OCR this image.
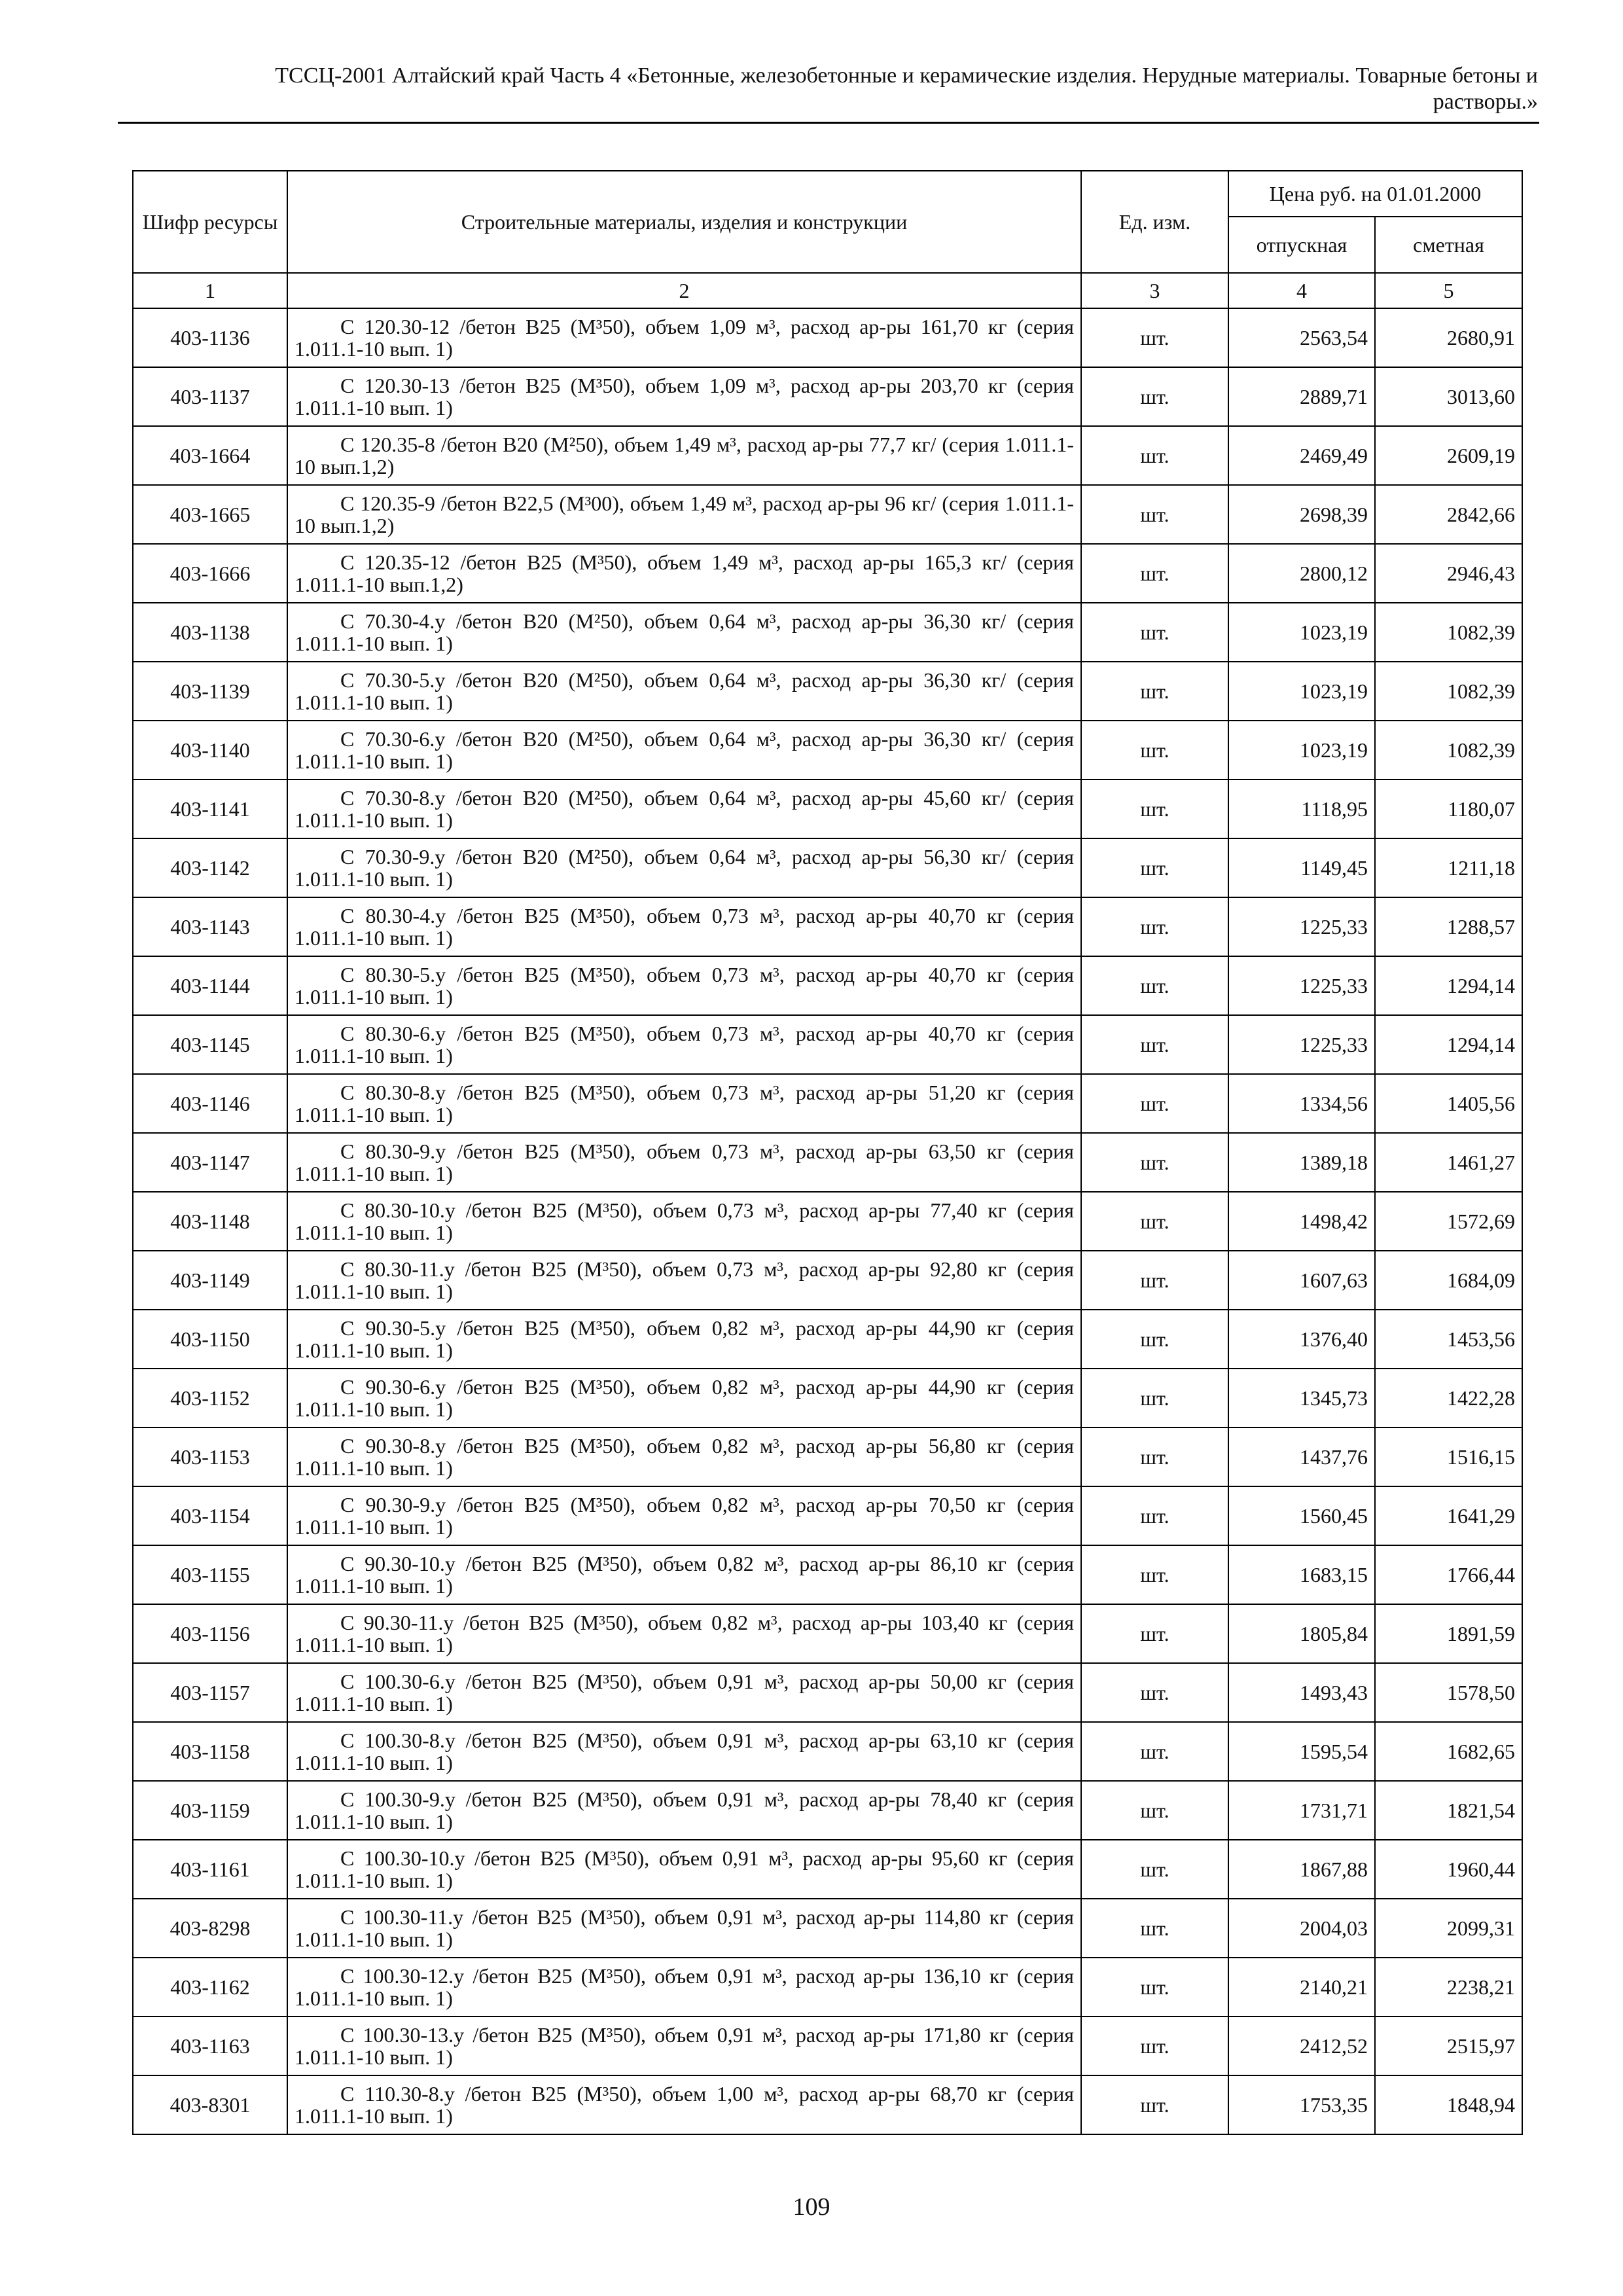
ТССЦ-2001 Алтайский край Часть 4 «Бетонные, железобетонные и керамические изделия. Нерудные материалы. Товарные бетоны и
растворы.»
Шифр ресурсы	Строительные материалы, изделия и конструкции	Ед. изм.	Цена руб. на 01.01.2000	
			отпускная	сметная
1	2	3	4	5
403-1136	С 120.30-12 /бетон В25 (М³50), объем 1,09 м³, расход ар-ры 161,70 кг (серия 1.011.1-10 вып. 1)	шт.	2563,54	2680,91
403-1137	С 120.30-13 /бетон В25 (М³50), объем 1,09 м³, расход ар-ры 203,70 кг (серия 1.011.1-10 вып. 1)	шт.	2889,71	3013,60
403-1664	С 120.35-8 /бетон В20 (М²50), объем 1,49 м³, расход ар-ры 77,7 кг/ (серия 1.011.1-10 вып.1,2)	шт.	2469,49	2609,19
403-1665	С 120.35-9 /бетон В22,5 (М³00), объем 1,49 м³, расход ар-ры 96 кг/ (серия 1.011.1-10 вып.1,2)	шт.	2698,39	2842,66
403-1666	С 120.35-12 /бетон В25 (М³50), объем 1,49 м³, расход ар-ры 165,3 кг/ (серия 1.011.1-10 вып.1,2)	шт.	2800,12	2946,43
403-1138	С 70.30-4.у /бетон В20 (М²50), объем 0,64 м³, расход ар-ры 36,30 кг/ (серия 1.011.1-10 вып. 1)	шт.	1023,19	1082,39
403-1139	С 70.30-5.у /бетон В20 (М²50), объем 0,64 м³, расход ар-ры 36,30 кг/ (серия 1.011.1-10 вып. 1)	шт.	1023,19	1082,39
403-1140	С 70.30-6.у /бетон В20 (М²50), объем 0,64 м³, расход ар-ры 36,30 кг/ (серия 1.011.1-10 вып. 1)	шт.	1023,19	1082,39
403-1141	С 70.30-8.у /бетон В20 (М²50), объем 0,64 м³, расход ар-ры 45,60 кг/ (серия 1.011.1-10 вып. 1)	шт.	1118,95	1180,07
403-1142	С 70.30-9.у /бетон В20 (М²50), объем 0,64 м³, расход ар-ры 56,30 кг/ (серия 1.011.1-10 вып. 1)	шт.	1149,45	1211,18
403-1143	С 80.30-4.у /бетон В25 (М³50), объем 0,73 м³, расход ар-ры 40,70 кг (серия 1.011.1-10 вып. 1)	шт.	1225,33	1288,57
403-1144	С 80.30-5.у /бетон В25 (М³50), объем 0,73 м³, расход ар-ры 40,70 кг (серия 1.011.1-10 вып. 1)	шт.	1225,33	1294,14
403-1145	С 80.30-6.у /бетон В25 (М³50), объем 0,73 м³, расход ар-ры 40,70 кг (серия 1.011.1-10 вып. 1)	шт.	1225,33	1294,14
403-1146	С 80.30-8.у /бетон В25 (М³50), объем 0,73 м³, расход ар-ры 51,20 кг (серия 1.011.1-10 вып. 1)	шт.	1334,56	1405,56
403-1147	С 80.30-9.у /бетон В25 (М³50), объем 0,73 м³, расход ар-ры 63,50 кг (серия 1.011.1-10 вып. 1)	шт.	1389,18	1461,27
403-1148	С 80.30-10.у /бетон В25 (М³50), объем 0,73 м³, расход ар-ры 77,40 кг (серия 1.011.1-10 вып. 1)	шт.	1498,42	1572,69
403-1149	С 80.30-11.у /бетон В25 (М³50), объем 0,73 м³, расход ар-ры 92,80 кг (серия 1.011.1-10 вып. 1)	шт.	1607,63	1684,09
403-1150	С 90.30-5.у /бетон В25 (М³50), объем 0,82 м³, расход ар-ры 44,90 кг (серия 1.011.1-10 вып. 1)	шт.	1376,40	1453,56
403-1152	С 90.30-6.у /бетон В25 (М³50), объем 0,82 м³, расход ар-ры 44,90 кг (серия 1.011.1-10 вып. 1)	шт.	1345,73	1422,28
403-1153	С 90.30-8.у /бетон В25 (М³50), объем 0,82 м³, расход ар-ры 56,80 кг (серия 1.011.1-10 вып. 1)	шт.	1437,76	1516,15
403-1154	С 90.30-9.у /бетон В25 (М³50), объем 0,82 м³, расход ар-ры 70,50 кг (серия 1.011.1-10 вып. 1)	шт.	1560,45	1641,29
403-1155	С 90.30-10.у /бетон В25 (М³50), объем 0,82 м³, расход ар-ры 86,10 кг (серия 1.011.1-10 вып. 1)	шт.	1683,15	1766,44
403-1156	С 90.30-11.у /бетон В25 (М³50), объем 0,82 м³, расход ар-ры 103,40 кг (серия 1.011.1-10 вып. 1)	шт.	1805,84	1891,59
403-1157	С 100.30-6.у /бетон В25 (М³50), объем 0,91 м³, расход ар-ры 50,00 кг (серия 1.011.1-10 вып. 1)	шт.	1493,43	1578,50
403-1158	С 100.30-8.у /бетон В25 (М³50), объем 0,91 м³, расход ар-ры 63,10 кг (серия 1.011.1-10 вып. 1)	шт.	1595,54	1682,65
403-1159	С 100.30-9.у /бетон В25 (М³50), объем 0,91 м³, расход ар-ры 78,40 кг (серия 1.011.1-10 вып. 1)	шт.	1731,71	1821,54
403-1161	С 100.30-10.у /бетон В25 (М³50), объем 0,91 м³, расход ар-ры 95,60 кг (серия 1.011.1-10 вып. 1)	шт.	1867,88	1960,44
403-8298	С 100.30-11.у /бетон В25 (М³50), объем 0,91 м³, расход ар-ры 114,80 кг (серия 1.011.1-10 вып. 1)	шт.	2004,03	2099,31
403-1162	С 100.30-12.у /бетон В25 (М³50), объем 0,91 м³, расход ар-ры 136,10 кг (серия 1.011.1-10 вып. 1)	шт.	2140,21	2238,21
403-1163	С 100.30-13.у /бетон В25 (М³50), объем 0,91 м³, расход ар-ры 171,80 кг (серия 1.011.1-10 вып. 1)	шт.	2412,52	2515,97
403-8301	С 110.30-8.у /бетон В25 (М³50), объем 1,00 м³, расход ар-ры 68,70 кг (серия 1.011.1-10 вып. 1)	шт.	1753,35	1848,94
109
